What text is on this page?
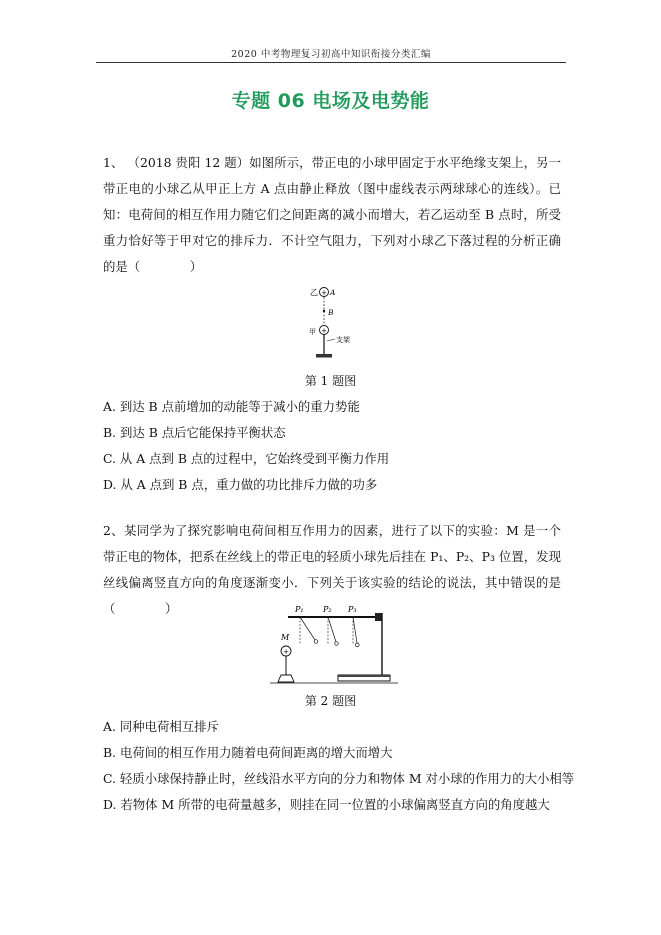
2020 中考物理复习初高中知识衔接分类汇编
专题 06 电场及电势能

1、 （2018 贵阳 12 题）如图所示，带正电的小球甲固定于水平绝缘支架上，另一带正电的小球乙从甲正上方 A 点由静止释放（图中虚线表示两球球心的连线）。已知：电荷间的相互作用力随它们之间距离的减小而增大，若乙运动至 B 点时，所受重力恰好等于甲对它的排斥力．不计空气阻力，下列对小球乙下落过程的分析正确的是（　　　　）

乙 + A
B
甲 +
支架
第 1 题图

A. 到达 B 点前增加的动能等于减小的重力势能

B. 到达 B 点后它能保持平衡状态

C. 从 A 点到 B 点的过程中，它始终受到平衡力作用

D. 从 A 点到 B 点，重力做的功比排斥力做的功多

2、某同学为了探究影响电荷间相互作用力的因素，进行了以下的实验：M 是一个带正电的物体，把系在丝线上的带正电的轻质小球先后挂在 P₁、P₂、P₃ 位置，发现丝线偏离竖直方向的角度逐渐变小．下列关于该实验的结论的说法，其中错误的是（　　　　）	P₁ P₂ P₃
M
+
第 2 题图

A. 同种电荷相互排斥

B. 电荷间的相互作用力随着电荷间距离的增大而增大

C. 轻质小球保持静止时，丝线沿水平方向的分力和物体 M 对小球的作用力的大小相等

D. 若物体 M 所带的电荷量越多，则挂在同一位置的小球偏离竖直方向的角度越大
